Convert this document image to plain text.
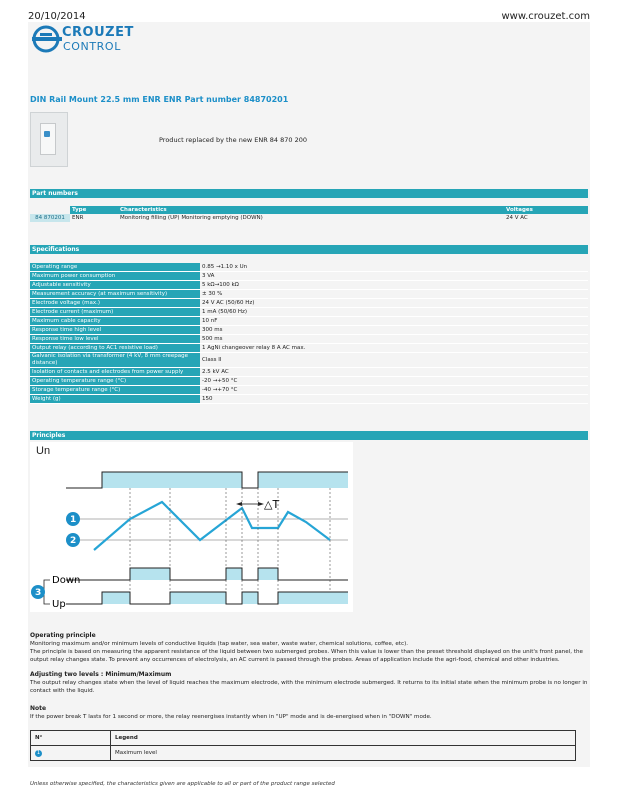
20/10/2014	www.crouzet.com
CROUZET
CONTROL
DIN Rail Mount 22.5 mm ENR ENR Part number 84870201
Product replaced by the new ENR 84 870 200
Part numbers
	Type	Characteristics	Voltages
84 870201	ENR	Monitoring filling (UP) Monitoring emptying (DOWN)	24 V AC
Specifications
Operating range	0.85 →1.10 x Un
Maximum power consumption	3 VA
Adjustable sensitivity	5 kΩ→100 kΩ
Measurement accuracy (at maximum sensitivity)	± 30 %
Electrode voltage (max.)	24 V AC (50/60 Hz)
Electrode current (maximum)	1 mA (50/60 Hz)
Maximum cable capacity	10 nF
Response time high level	300 ms
Response time low level	500 ms
Output relay (according to AC1 resistive load)	1 AgNi changeover relay 8 A AC max.
Galvanic isolation via transformer (4 kV, 8 mm creepage distance)	Class II
Isolation of contacts and electrodes from power supply	2.5 kV AC
Operating temperature range (°C)	-20 →+50 °C
Storage temperature range (°C)	-40 →+70 °C
Weight (g)	150
Principles
Un
△T
1
2
Down
Up
3
Operating principle
Monitoring maximum and/or minimum levels of conductive liquids (tap water, sea water, waste water, chemical solutions, coffee, etc).
The principle is based on measuring the apparent resistance of the liquid between two submerged probes. When this value is lower than the preset threshold displayed on the unit's front panel, the output relay changes state. To prevent any occurrences of electrolysis, an AC current is passed through the probes. Areas of application include the agri-food, chemical and other industries.
Adjusting two levels : Minimum/Maximum
The output relay changes state when the level of liquid reaches the maximum electrode, with the minimum electrode submerged. It returns to its initial state when the minimum probe is no longer in contact with the liquid.
Note
If the power break T lasts for 1 second or more, the relay reenergises instantly when in "UP" mode and is de-energised when in "DOWN" mode.
N°	Legend
1	Maximum level
Unless otherwise specified, the characteristics given are applicable to all or part of the product range selected
